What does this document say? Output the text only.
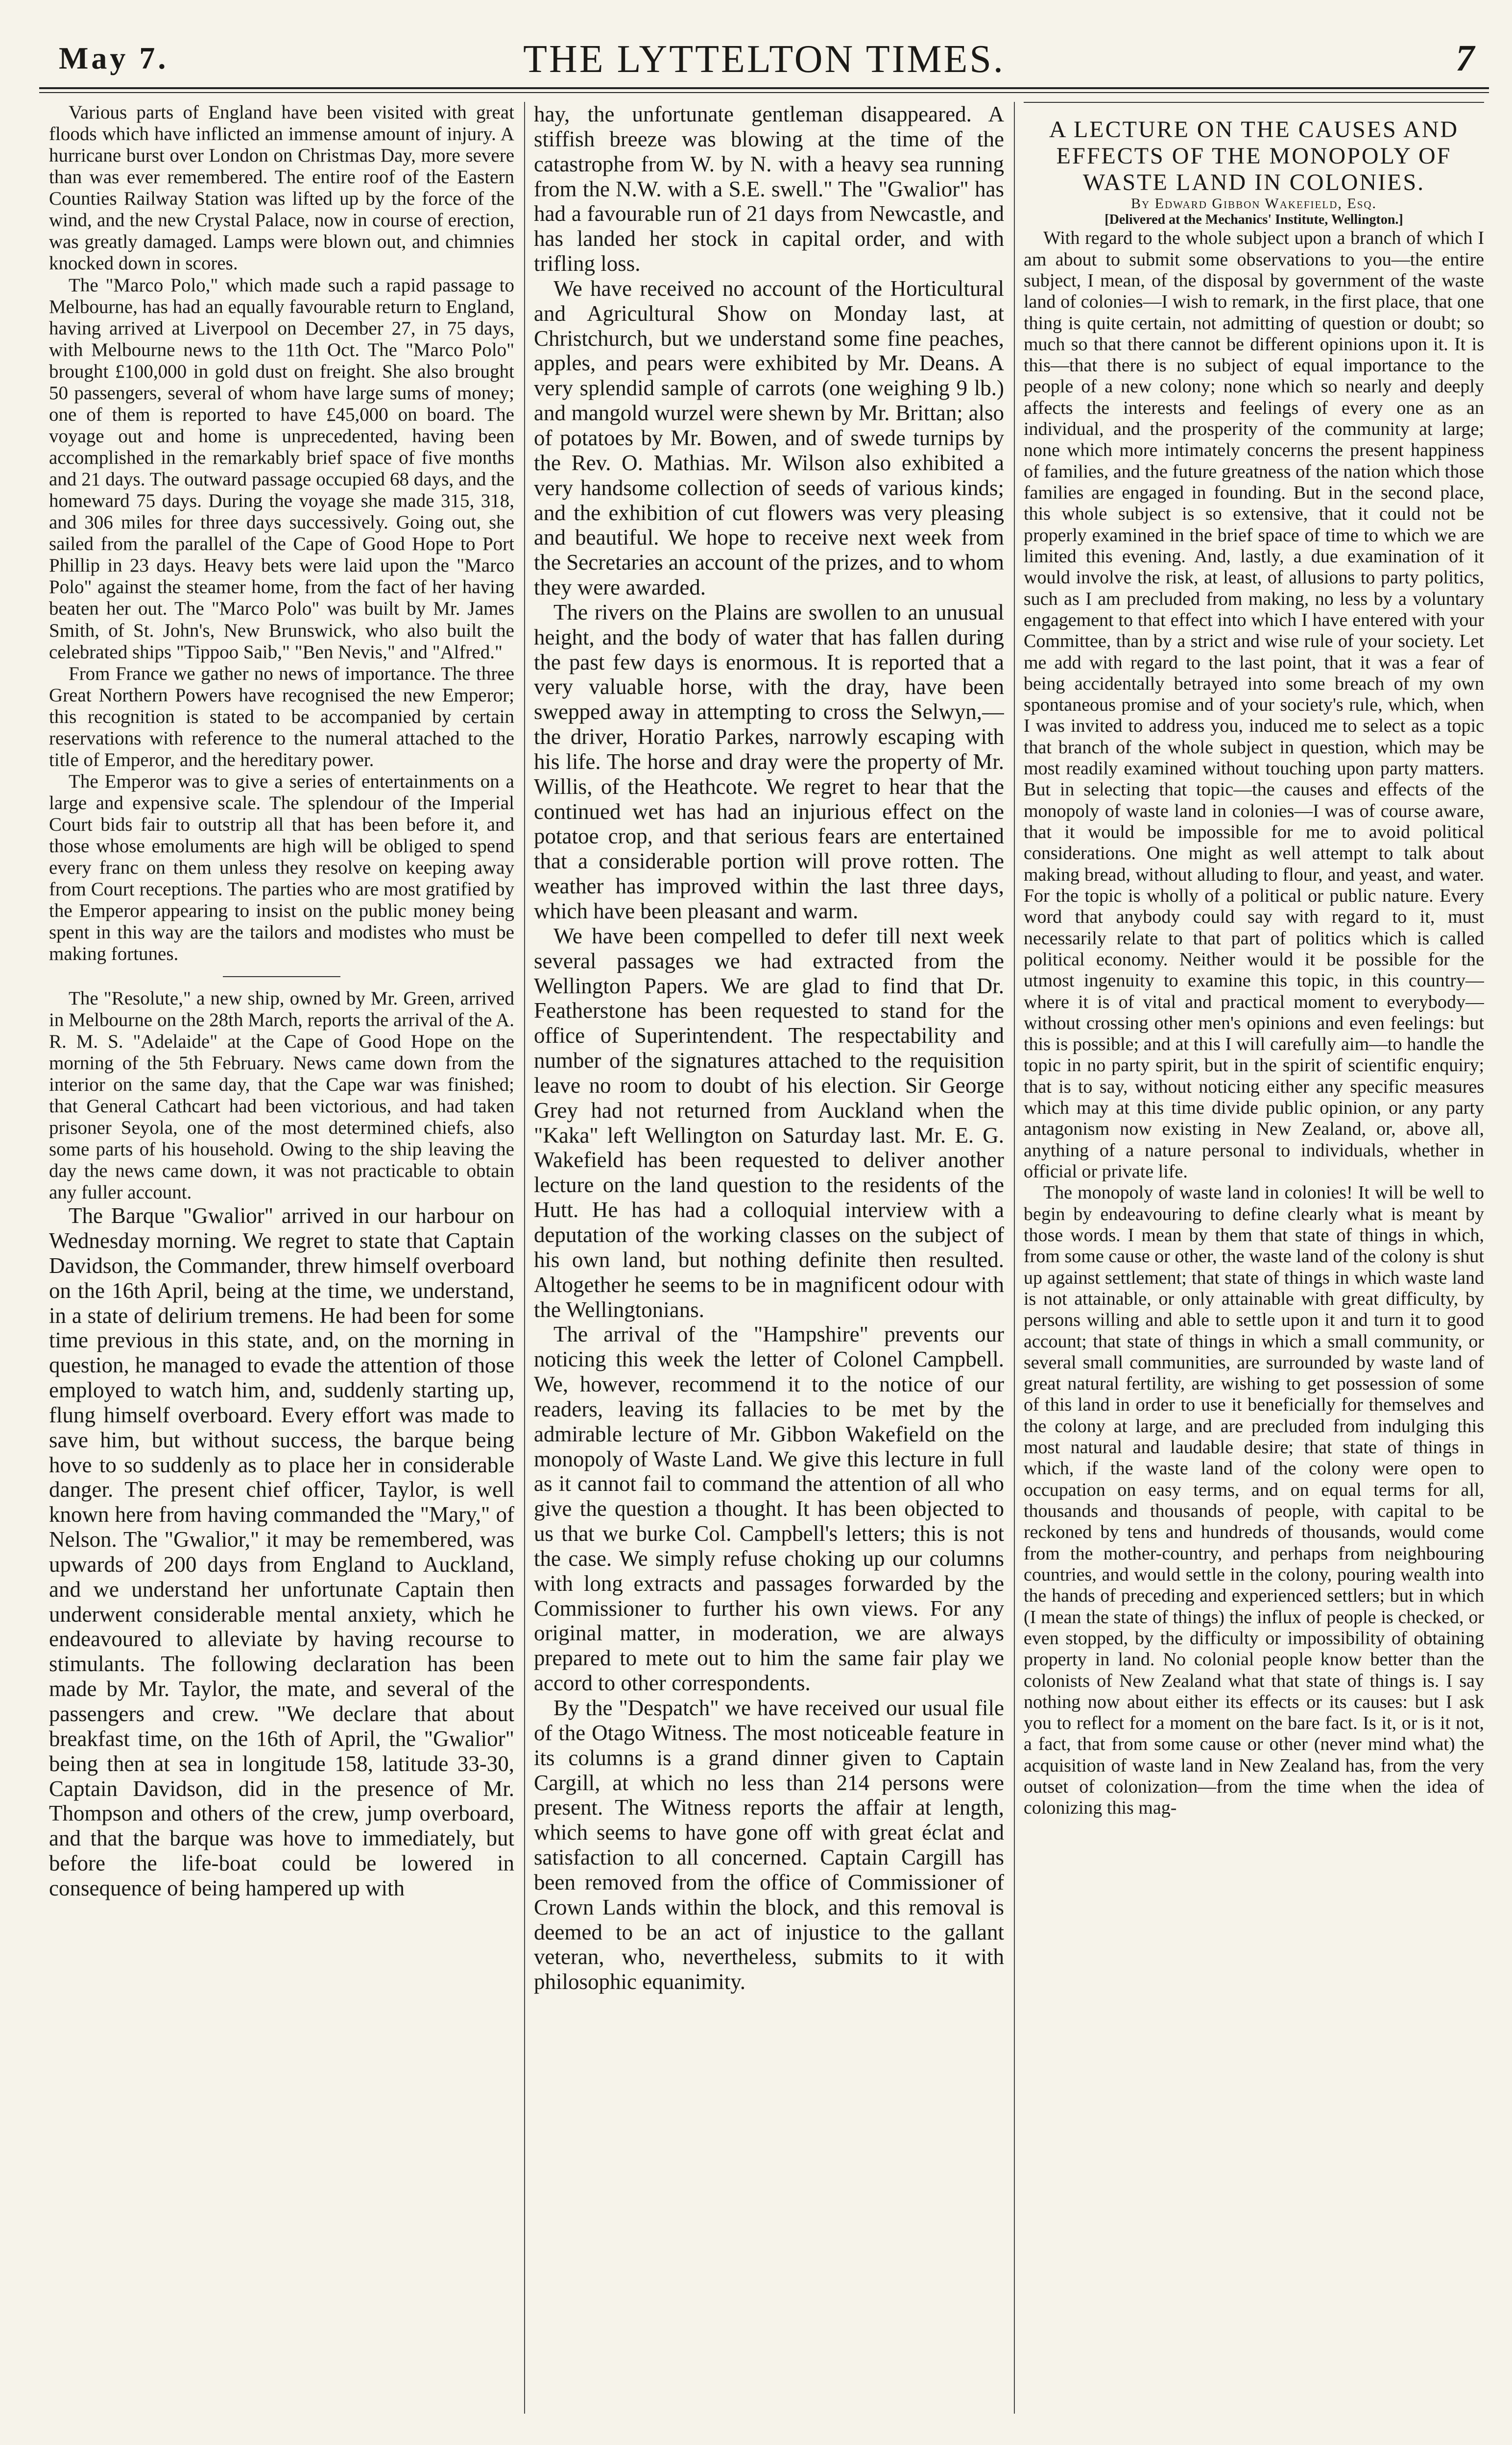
May 7.	THE LYTTELTON TIMES.	7

Various parts of England have been visited with great floods which have inflicted an immense amount of injury. A hurricane burst over London on Christmas Day, more severe than was ever remembered. The entire roof of the Eastern Counties Railway Station was lifted up by the force of the wind, and the new Crystal Palace, now in course of erection, was greatly damaged. Lamps were blown out, and chimnies knocked down in scores.

The "Marco Polo," which made such a rapid passage to Melbourne, has had an equally favourable return to England, having arrived at Liverpool on December 27, in 75 days, with Melbourne news to the 11th Oct. The "Marco Polo" brought £100,000 in gold dust on freight. She also brought 50 passengers, several of whom have large sums of money; one of them is reported to have £45,000 on board. The voyage out and home is unprecedented, having been accomplished in the remarkably brief space of five months and 21 days. The outward passage occupied 68 days, and the homeward 75 days. During the voyage she made 315, 318, and 306 miles for three days successively. Going out, she sailed from the parallel of the Cape of Good Hope to Port Phillip in 23 days. Heavy bets were laid upon the "Marco Polo" against the steamer home, from the fact of her having beaten her out. The "Marco Polo" was built by Mr. James Smith, of St. John's, New Brunswick, who also built the celebrated ships "Tippoo Saib," "Ben Nevis," and "Alfred."

From France we gather no news of importance. The three Great Northern Powers have recognised the new Emperor; this recognition is stated to be accompanied by certain reservations with reference to the numeral attached to the title of Emperor, and the hereditary power.

The Emperor was to give a series of entertainments on a large and expensive scale. The splendour of the Imperial Court bids fair to outstrip all that has been before it, and those whose emoluments are high will be obliged to spend every franc on them unless they resolve on keeping away from Court receptions. The parties who are most gratified by the Emperor appearing to insist on the public money being spent in this way are the tailors and modistes who must be making fortunes.

The "Resolute," a new ship, owned by Mr. Green, arrived in Melbourne on the 28th March, reports the arrival of the A. R. M. S. "Adelaide" at the Cape of Good Hope on the morning of the 5th February. News came down from the interior on the same day, that the Cape war was finished; that General Cathcart had been victorious, and had taken prisoner Seyola, one of the most determined chiefs, also some parts of his household. Owing to the ship leaving the day the news came down, it was not practicable to obtain any fuller account.

The Barque "Gwalior" arrived in our harbour on Wednesday morning. We regret to state that Captain Davidson, the Commander, threw himself overboard on the 16th April, being at the time, we understand, in a state of delirium tremens. He had been for some time previous in this state, and, on the morning in question, he managed to evade the attention of those employed to watch him, and, suddenly starting up, flung himself overboard. Every effort was made to save him, but without success, the barque being hove to so suddenly as to place her in considerable danger. The present chief officer, Taylor, is well known here from having commanded the "Mary," of Nelson. The "Gwalior," it may be remembered, was upwards of 200 days from England to Auckland, and we understand her unfortunate Captain then underwent considerable mental anxiety, which he endeavoured to alleviate by having recourse to stimulants. The following declaration has been made by Mr. Taylor, the mate, and several of the passengers and crew. "We declare that about breakfast time, on the 16th of April, the "Gwalior" being then at sea in longitude 158, latitude 33-30, Captain Davidson, did in the presence of Mr. Thompson and others of the crew, jump overboard, and that the barque was hove to immediately, but before the life-boat could be lowered in consequence of being hampered up with

hay, the unfortunate gentleman disappeared. A stiffish breeze was blowing at the time of the catastrophe from W. by N. with a heavy sea running from the N.W. with a S.E. swell." The "Gwalior" has had a favourable run of 21 days from Newcastle, and has landed her stock in capital order, and with trifling loss.

We have received no account of the Horticultural and Agricultural Show on Monday last, at Christchurch, but we understand some fine peaches, apples, and pears were exhibited by Mr. Deans. A very splendid sample of carrots (one weighing 9 lb.) and mangold wurzel were shewn by Mr. Brittan; also of potatoes by Mr. Bowen, and of swede turnips by the Rev. O. Mathias. Mr. Wilson also exhibited a very handsome collection of seeds of various kinds; and the exhibition of cut flowers was very pleasing and beautiful. We hope to receive next week from the Secretaries an account of the prizes, and to whom they were awarded.

The rivers on the Plains are swollen to an unusual height, and the body of water that has fallen during the past few days is enormous. It is reported that a very valuable horse, with the dray, have been swepped away in attempting to cross the Selwyn,—the driver, Horatio Parkes, narrowly escaping with his life. The horse and dray were the property of Mr. Willis, of the Heathcote. We regret to hear that the continued wet has had an injurious effect on the potatoe crop, and that serious fears are entertained that a considerable portion will prove rotten. The weather has improved within the last three days, which have been pleasant and warm.

We have been compelled to defer till next week several passages we had extracted from the Wellington Papers. We are glad to find that Dr. Featherstone has been requested to stand for the office of Superintendent. The respectability and number of the signatures attached to the requisition leave no room to doubt of his election. Sir George Grey had not returned from Auckland when the "Kaka" left Wellington on Saturday last. Mr. E. G. Wakefield has been requested to deliver another lecture on the land question to the residents of the Hutt. He has had a colloquial interview with a deputation of the working classes on the subject of his own land, but nothing definite then resulted. Altogether he seems to be in magnificent odour with the Wellingtonians.

The arrival of the "Hampshire" prevents our noticing this week the letter of Colonel Campbell. We, however, recommend it to the notice of our readers, leaving its fallacies to be met by the admirable lecture of Mr. Gibbon Wakefield on the monopoly of Waste Land. We give this lecture in full as it cannot fail to command the attention of all who give the question a thought. It has been objected to us that we burke Col. Campbell's letters; this is not the case. We simply refuse choking up our columns with long extracts and passages forwarded by the Commissioner to further his own views. For any original matter, in moderation, we are always prepared to mete out to him the same fair play we accord to other correspondents.

By the "Despatch" we have received our usual file of the Otago Witness. The most noticeable feature in its columns is a grand dinner given to Captain Cargill, at which no less than 214 persons were present. The Witness reports the affair at length, which seems to have gone off with great éclat and satisfaction to all concerned. Captain Cargill has been removed from the office of Commissioner of Crown Lands within the block, and this removal is deemed to be an act of injustice to the gallant veteran, who, nevertheless, submits to it with philosophic equanimity.

A LECTURE ON THE CAUSES AND EFFECTS OF THE MONOPOLY OF WASTE LAND IN COLONIES.

By Edward Gibbon Wakefield, Esq.

[Delivered at the Mechanics' Institute, Wellington.]

With regard to the whole subject upon a branch of which I am about to submit some observations to you—the entire subject, I mean, of the disposal by government of the waste land of colonies—I wish to remark, in the first place, that one thing is quite certain, not admitting of question or doubt; so much so that there cannot be different opinions upon it. It is this—that there is no subject of equal importance to the people of a new colony; none which so nearly and deeply affects the interests and feelings of every one as an individual, and the prosperity of the community at large; none which more intimately concerns the present happiness of families, and the future greatness of the nation which those families are engaged in founding. But in the second place, this whole subject is so extensive, that it could not be properly examined in the brief space of time to which we are limited this evening. And, lastly, a due examination of it would involve the risk, at least, of allusions to party politics, such as I am precluded from making, no less by a voluntary engagement to that effect into which I have entered with your Committee, than by a strict and wise rule of your society. Let me add with regard to the last point, that it was a fear of being accidentally betrayed into some breach of my own spontaneous promise and of your society's rule, which, when I was invited to address you, induced me to select as a topic that branch of the whole subject in question, which may be most readily examined without touching upon party matters. But in selecting that topic—the causes and effects of the monopoly of waste land in colonies—I was of course aware, that it would be impossible for me to avoid political considerations. One might as well attempt to talk about making bread, without alluding to flour, and yeast, and water. For the topic is wholly of a political or public nature. Every word that anybody could say with regard to it, must necessarily relate to that part of politics which is called political economy. Neither would it be possible for the utmost ingenuity to examine this topic, in this country—where it is of vital and practical moment to everybody—without crossing other men's opinions and even feelings: but this is possible; and at this I will carefully aim—to handle the topic in no party spirit, but in the spirit of scientific enquiry; that is to say, without noticing either any specific measures which may at this time divide public opinion, or any party antagonism now existing in New Zealand, or, above all, anything of a nature personal to individuals, whether in official or private life.

The monopoly of waste land in colonies! It will be well to begin by endeavouring to define clearly what is meant by those words. I mean by them that state of things in which, from some cause or other, the waste land of the colony is shut up against settlement; that state of things in which waste land is not attainable, or only attainable with great difficulty, by persons willing and able to settle upon it and turn it to good account; that state of things in which a small community, or several small communities, are surrounded by waste land of great natural fertility, are wishing to get possession of some of this land in order to use it beneficially for themselves and the colony at large, and are precluded from indulging this most natural and laudable desire; that state of things in which, if the waste land of the colony were open to occupation on easy terms, and on equal terms for all, thousands and thousands of people, with capital to be reckoned by tens and hundreds of thousands, would come from the mother-country, and perhaps from neighbouring countries, and would settle in the colony, pouring wealth into the hands of preceding and experienced settlers; but in which (I mean the state of things) the influx of people is checked, or even stopped, by the difficulty or impossibility of obtaining property in land. No colonial people know better than the colonists of New Zealand what that state of things is. I say nothing now about either its effects or its causes: but I ask you to reflect for a moment on the bare fact. Is it, or is it not, a fact, that from some cause or other (never mind what) the acquisition of waste land in New Zealand has, from the very outset of colonization—from the time when the idea of colonizing this mag-
